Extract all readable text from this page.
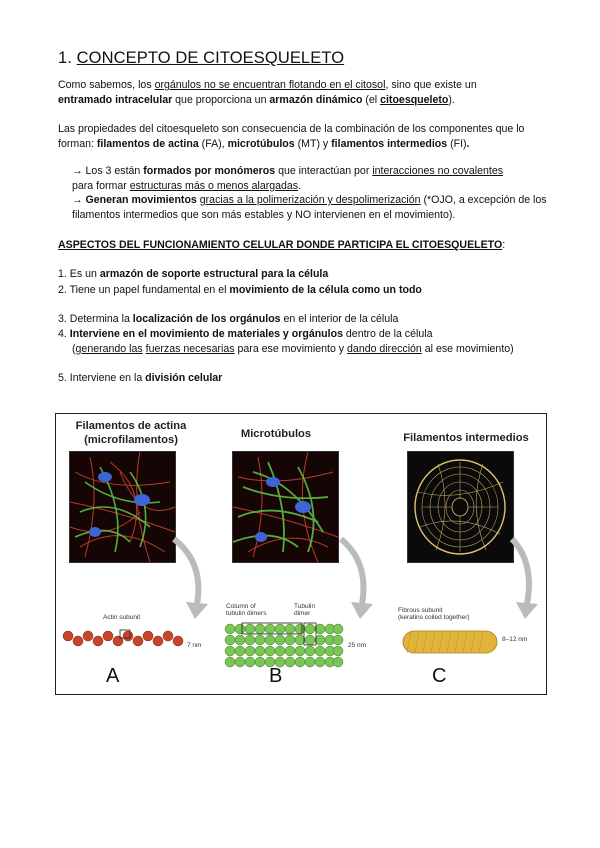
1. CONCEPTO DE CITOESQUELETO

Como sabemos, los orgánulos no se encuentran flotando en el citosol, sino que existe un
entramado intracelular que proporciona un armazón dinámico (el citoesqueleto).

Las propiedades del citoesqueleto son consecuencia de la combinación de los componentes que lo forman: filamentos de actina (FA), microtúbulos (MT) y filamentos intermedios (FI).

→ Los 3 están formados por monómeros que interactúan por interacciones no covalentes
para formar estructuras más o menos alargadas.

→ Generan movimientos gracias a la polimerización y despolimerización (*OJO, a excepción de los filamentos intermedios que son más estables y NO intervienen en el movimiento).

ASPECTOS DEL FUNCIONAMIENTO CELULAR DONDE PARTICIPA EL CITOESQUELETO:

1. Es un armazón de soporte estructural para la célula

2. Tiene un papel fundamental en el movimiento de la célula como un todo

3. Determina la localización de los orgánulos en el interior de la célula

4. Interviene en el movimiento de materiales y orgánulos dentro de la célula
(generando las fuerzas necesarias para ese movimiento y dando dirección al ese movimiento)

5. Interviene en la división celular

Filamentos de actina
(microfilamentos)	Microtúbulos	Filamentos intermedios
Actin subunit
7 nm
Column of
tubulin dimers
Tubulin
dimer
25 nm
Fibrous subunit
(keratins coiled together)
8–12 nm
A	B	C
